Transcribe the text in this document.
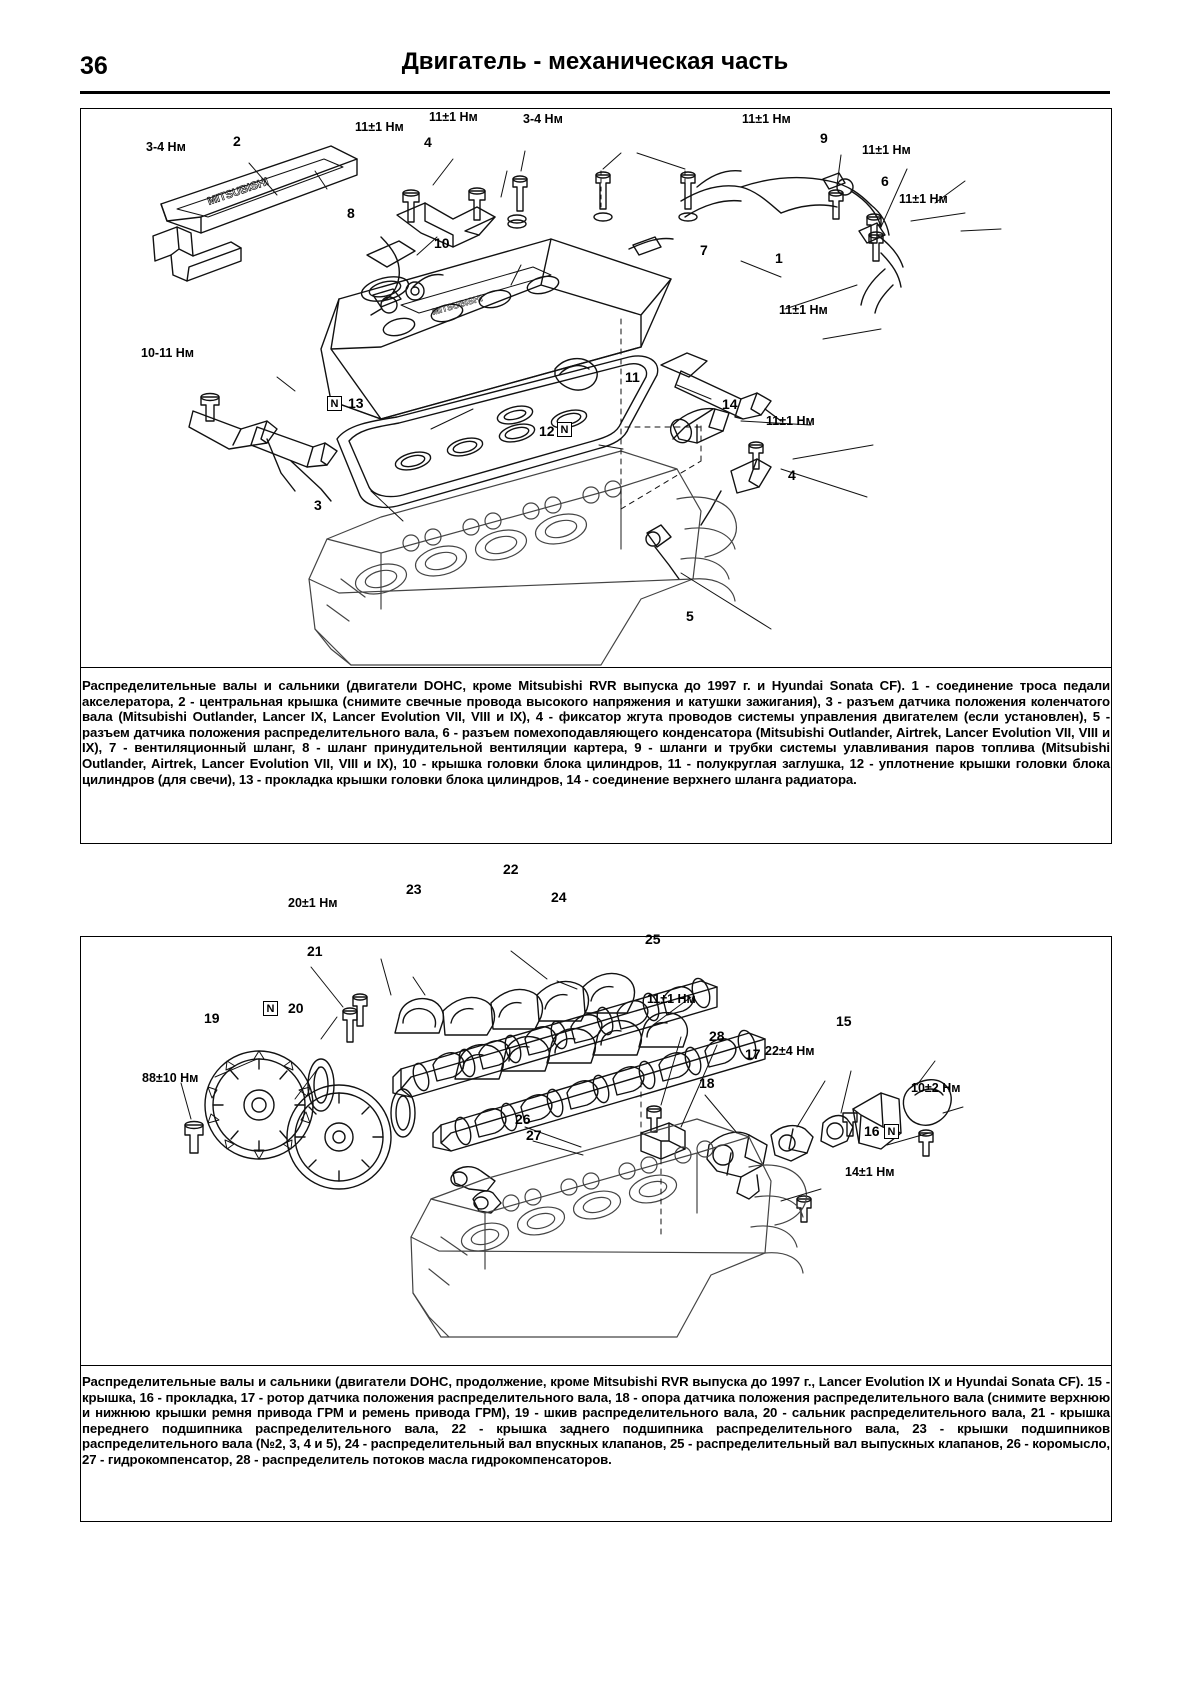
36	Двигатель - механическая часть
MITSUBISHI
MITSUBISHI
3-4 Нм
11±1 Нм
11±1 Нм	3-4 Нм	11±1 Нм
11±1 Нм
11±1 Нм
11±1 Нм
10-11 Нм
11±1 Нм
2	4
8
10
9
6
7	1
11
13
12
14
4
3
5
N
N
Распределительные валы и сальники (двигатели DOHC, кроме Mitsubishi RVR выпуска до 1997 г. и Hyundai Sonata CF). 1 - соединение троса педали акселератора, 2 - центральная крышка (снимите свечные провода высокого напряжения и катушки зажигания), 3 - разъем датчика положения коленчатого вала (Mitsubishi Outlander, Lancer IX, Lancer Evolution VII, VIII и IX), 4 - фиксатор жгута проводов системы управления двигателем (если установлен), 5 - разъем датчика положения распределительного вала, 6 - разъем помехоподавляющего конденсатора (Mitsubishi Outlander, Airtrek, Lancer Evolution VII, VIII и IX), 7 - вентиляционный шланг, 8 - шланг принудительной вентиляции картера, 9 - шланги и трубки системы улавливания паров топлива (Mitsubishi Outlander, Airtrek, Lancer Evolution VII, VIII и IX), 10 - крышка головки блока цилиндров, 11 - полукруглая заглушка, 12 - уплотнение крышки головки блока цилиндров (для свечи), 13 - прокладка крышки головки блока цилиндров, 14 - соединение верхнего шланга радиатора.
20±1 Нм
88±10 Нм
11±1 Нм
22±4 Нм
10±2 Нм
14±1 Нм
22
23	24
21
25
20
19
28
15
17
18
26
27	16
N
N
Распределительные валы и сальники (двигатели DOHC, продолжение, кроме Mitsubishi RVR выпуска до 1997 г., Lancer Evolution IX и Hyundai Sonata CF). 15 - крышка, 16 - прокладка, 17 - ротор датчика положения распределительного вала, 18 - опора датчика положения распределительного вала (снимите верхнюю и нижнюю крышки ремня привода ГРМ и ремень привода ГРМ), 19 - шкив распределительного вала, 20 - сальник распределительного вала, 21 - крышка переднего подшипника распределительного вала, 22 - крышка заднего подшипника распределительного вала, 23 - крышки подшипников распределительного вала (№2, 3, 4 и 5), 24 - распределительный вал впускных клапанов, 25 - распределительный вал выпускных клапанов, 26 - коромысло, 27 - гидрокомпенсатор, 28 - распределитель потоков масла гидрокомпенсаторов.
